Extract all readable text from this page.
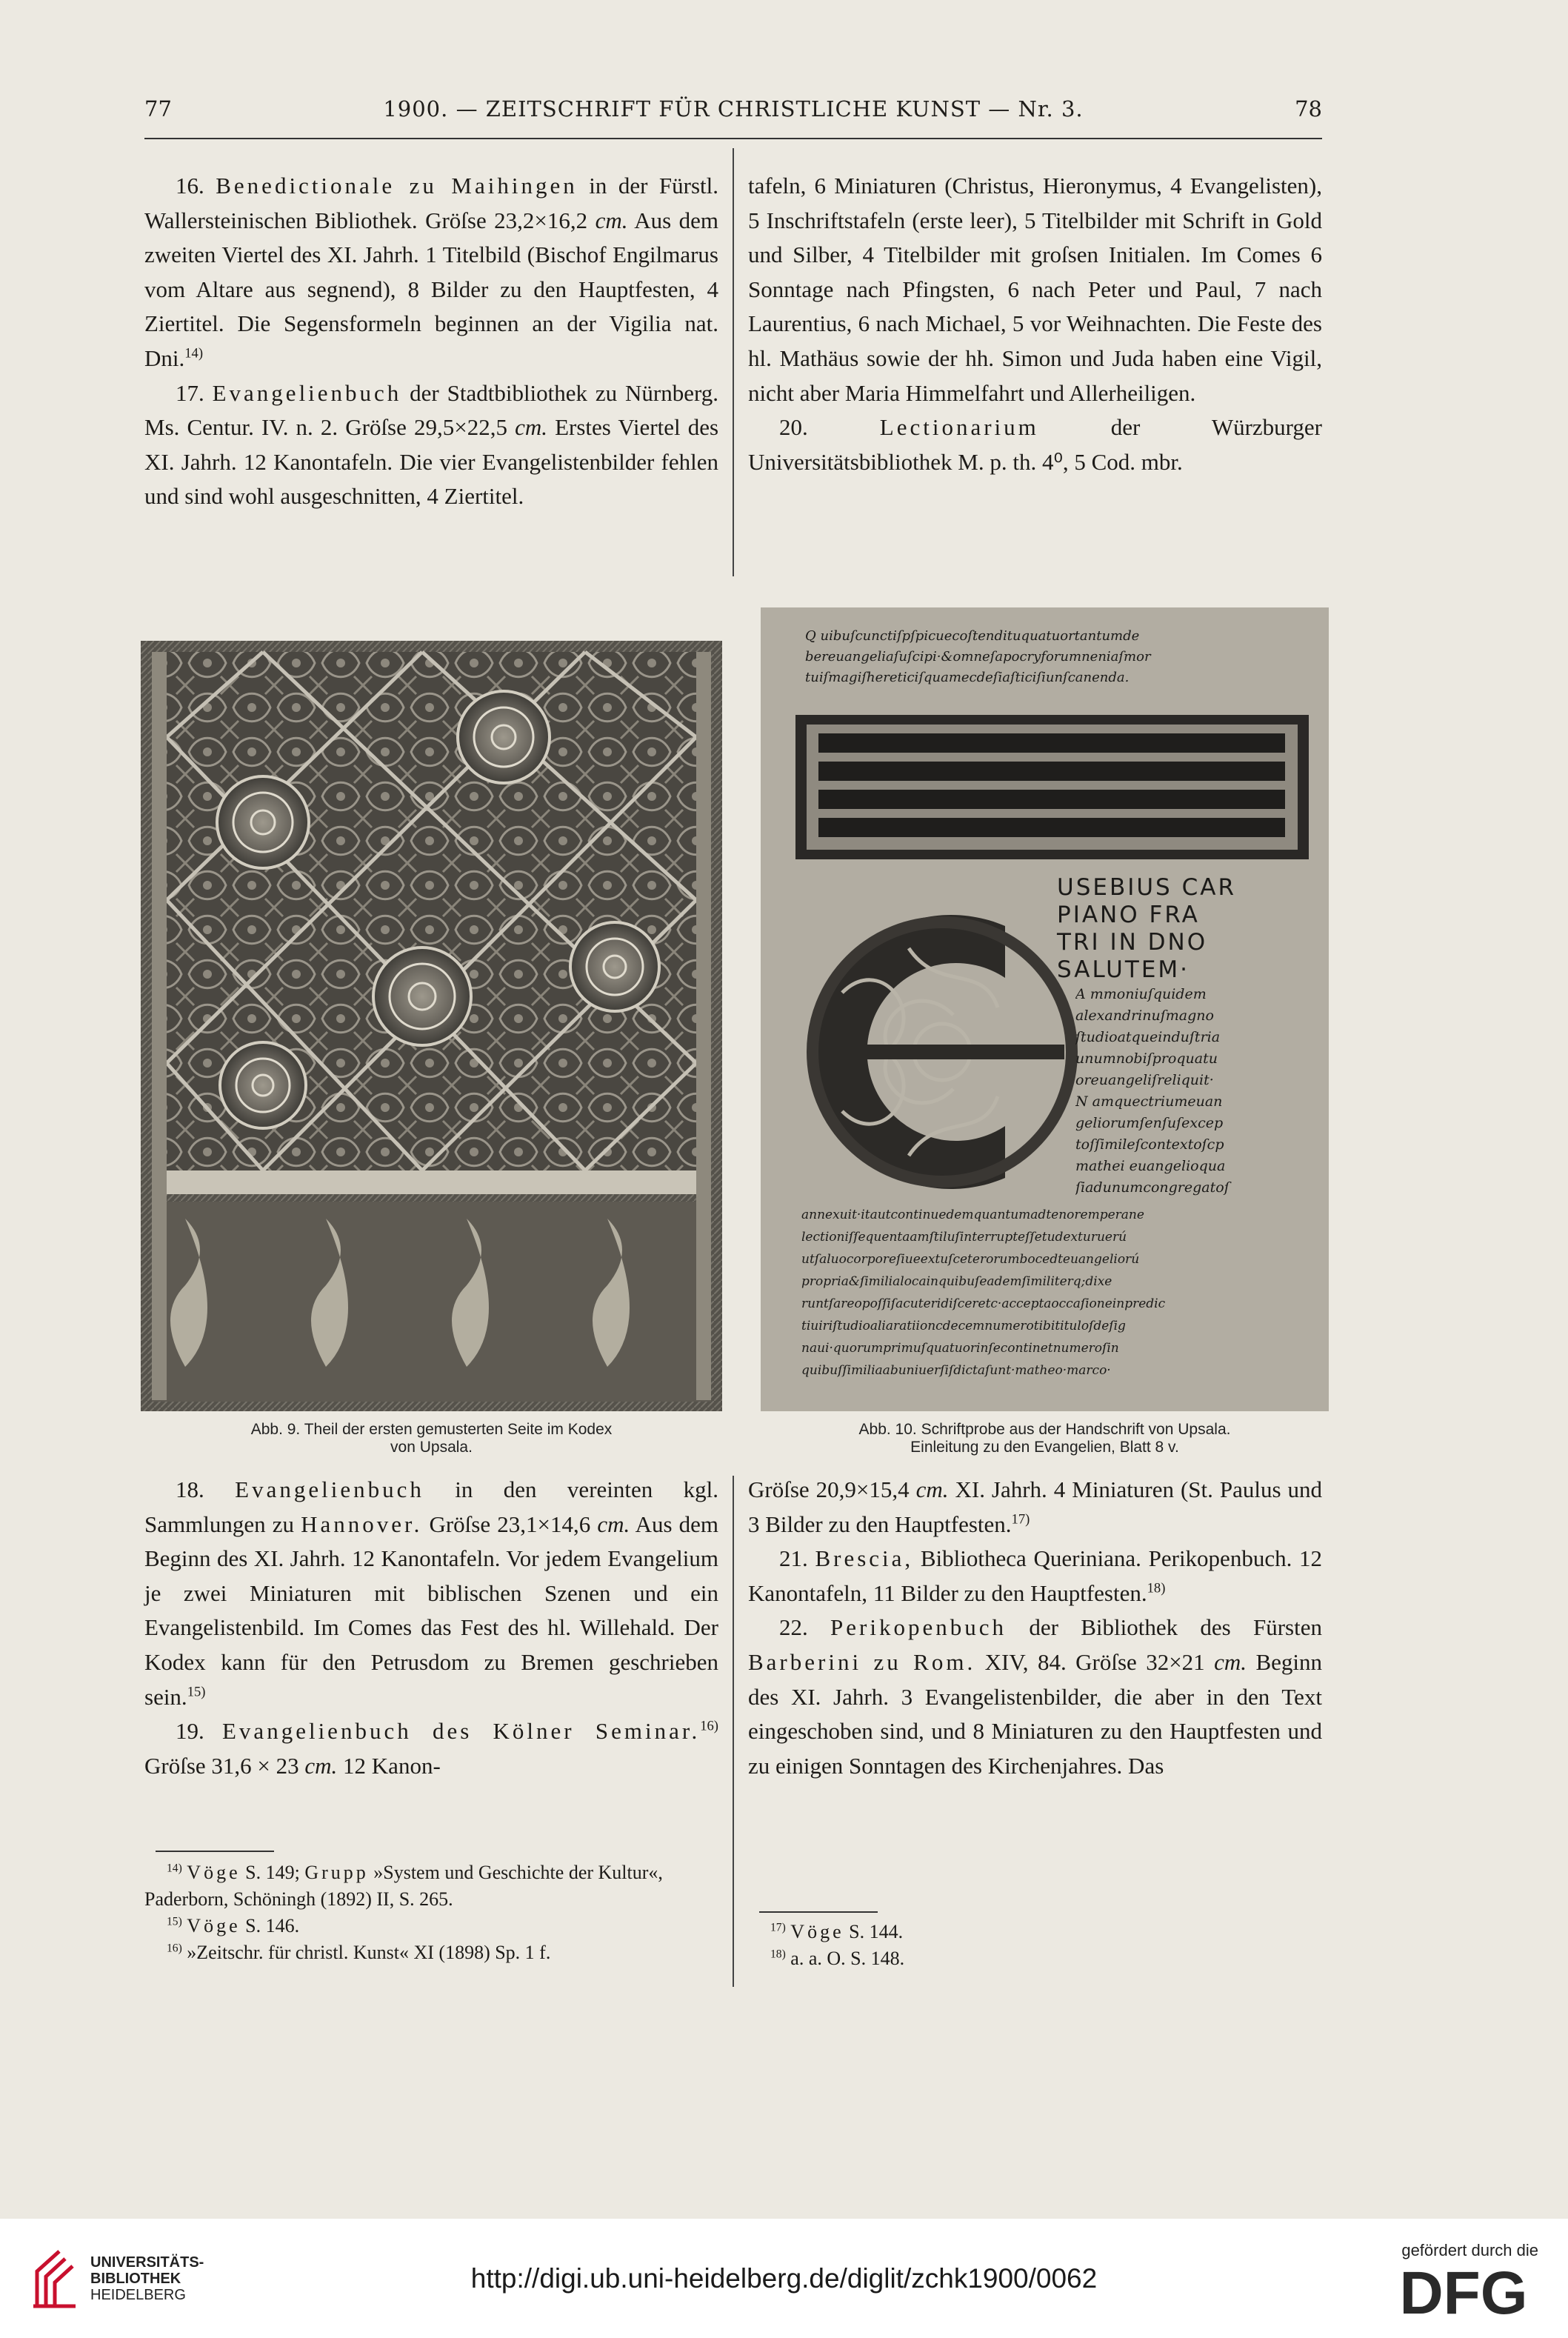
77	1900. — ZEITSCHRIFT FÜR CHRISTLICHE KUNST — Nr. 3.	78

16. Benedictionale zu Maihingen in der Fürstl. Wallersteinischen Bibliothek. Gröſse 23,2×16,2 cm. Aus dem zweiten Viertel des XI. Jahrh. 1 Titelbild (Bischof Engilmarus vom Altare aus segnend), 8 Bilder zu den Hauptfesten, 4 Ziertitel. Die Segensformeln beginnen an der Vigilia nat. Dni.$^{14)}$

17. Evangelienbuch der Stadtbibliothek zu Nürnberg. Ms. Centur. IV. n. 2. Gröſse 29,5×22,5 cm. Erstes Viertel des XI. Jahrh. 12 Kanontafeln. Die vier Evangelistenbilder fehlen und sind wohl ausgeschnitten, 4 Ziertitel.

tafeln, 6 Miniaturen (Christus, Hieronymus, 4 Evangelisten), 5 Inschriftstafeln (erste leer), 5 Titelbilder mit Schrift in Gold und Silber, 4 Titelbilder mit groſsen Initialen. Im Comes 6 Sonntage nach Pfingsten, 6 nach Peter und Paul, 7 nach Laurentius, 6 nach Michael, 5 vor Weihnachten. Die Feste des hl. Mathäus sowie der hh. Simon und Juda haben eine Vigil, nicht aber Maria Himmelfahrt und Allerheiligen.

20.	Lectionarium	der Würzburger Universitätsbibliothek M. p. th. 4⁰, 5 Cod. mbr.

Abb. 9. Theil der ersten gemusterten Seite im Kodex
von Upsala.
Q uibuſcunctiſpſpicuecoſtendituquatuortantumde
bereuangeliaſuſcipi·&omneſapocryforumneniaſmor
tuiſmagiſhereticiſquamecdeſiaſticiſiunſcanenda.
USEBIUS CAR
PIANO FRA
TRI IN DNO
SALUTEM·
A mmoniuſquidem
alexandrinuſmagno
ſtudioatqueinduſtria
unumnobiſproquatu
oreuangeliſreliquit·
N amquectriumeuan
geliorumſenſuſexcep
toſſimileſcontextoſcp
mathei euangelioqua
ſiadunumcongregatoſ
annexuit·itautcontinuedemquantumadtenoremperane
lectioniſſequentaamſtiluſinterrupteſſetudexturuerú
utſaluocorporeſiueextuſceterorumbocedteuangeliorú
propria&ſimilialocainquibuſeademſimiliterq;dixe
runtſareopoſſiſacuteridiſceretc·acceptaoccaſioneinpredic
tiuiriſtudioaliaratiioncdecemnumerotibitituloſdeſig
naui·quorumprimuſquatuorinſecontinetnumeroſin
quibuſſimiliaabuniuerſiſdictaſunt·matheo·marco·
Abb. 10. Schriftprobe aus der Handschrift von Upsala.
Einleitung zu den Evangelien, Blatt 8 v.

18. Evangelienbuch in den vereinten kgl. Sammlungen zu Hannover. Gröſse 23,1×14,6 cm. Aus dem Beginn des XI. Jahrh. 12 Kanontafeln. Vor jedem Evangelium je zwei Miniaturen mit biblischen Szenen und ein Evangelistenbild. Im Comes das Fest des hl. Willehald. Der Kodex kann für den Petrusdom zu Bremen geschrieben sein.$^{15)}$

19. Evangelienbuch des Kölner Seminar.$^{16)}$ Gröſse 31,6 × 23 cm. 12 Kanon-

$^{14)}$ Vöge S. 149; Grupp »System und Geschichte der Kultur«, Paderborn, Schöningh (1892) II, S. 265.
$^{15)}$ Vöge S. 146.
$^{16)}$ »Zeitschr. für christl. Kunst« XI (1898) Sp. 1 f.

Gröſse 20,9×15,4 cm. XI. Jahrh. 4 Miniaturen (St. Paulus und 3 Bilder zu den Hauptfesten.$^{17)}$

21. Brescia, Bibliotheca Queriniana. Perikopenbuch. 12 Kanontafeln, 11 Bilder zu den Hauptfesten.$^{18)}$

22. Perikopenbuch der Bibliothek des Fürsten Barberini zu Rom. XIV, 84. Gröſse 32×21 cm. Beginn des XI. Jahrh. 3 Evangelistenbilder, die aber in den Text eingeschoben sind, und 8 Miniaturen zu den Hauptfesten und zu einigen Sonntagen des Kirchenjahres. Das

$^{17)}$ Vöge S. 144.
$^{18)}$ a. a. O. S. 148.
UNIVERSITÄTS-
BIBLIOTHEK
HEIDELBERG
http://digi.ub.uni-heidelberg.de/diglit/zchk1900/0062
gefördert durch die
DFG
